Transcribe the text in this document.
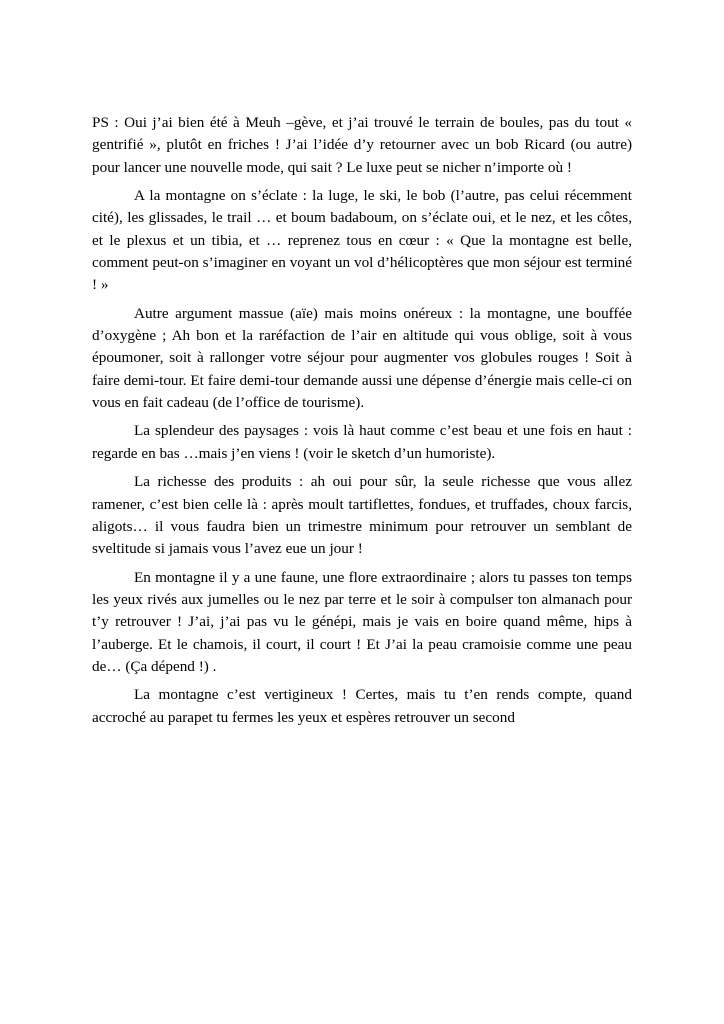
PS : Oui j’ai bien été à Meuh –gève, et j’ai trouvé le terrain de boules, pas du tout « gentrifié », plutôt en friches ! J’ai l’idée d’y retourner avec un bob Ricard (ou autre) pour lancer une nouvelle mode, qui sait ? Le luxe peut se nicher n’importe où !

A la montagne on s’éclate : la luge, le ski, le bob (l’autre, pas celui récemment cité), les glissades, le trail … et boum badaboum, on s’éclate oui, et le nez, et les côtes, et le plexus et un tibia, et … reprenez tous en cœur : « Que la montagne est belle, comment peut-on s’imaginer en voyant un vol d’hélicoptères que mon séjour est terminé ! »

Autre argument massue (aïe) mais moins onéreux : la montagne, une bouffée d’oxygène ; Ah bon et la raréfaction de l’air en altitude qui vous oblige, soit à vous époumoner, soit à rallonger votre séjour pour augmenter vos globules rouges ! Soit à faire demi-tour. Et faire demi-tour demande aussi une dépense d’énergie mais celle-ci on vous en fait cadeau (de l’office de tourisme).

La splendeur des paysages : vois là haut comme c’est beau et une fois en haut : regarde en bas …mais j’en viens ! (voir le sketch d’un humoriste).

La richesse des produits : ah oui pour sûr, la seule richesse que vous allez ramener, c’est bien celle là : après moult tartiflettes, fondues, et truffades, choux farcis, aligots… il vous faudra bien un trimestre minimum pour retrouver un semblant de sveltitude si jamais vous l’avez eue un jour !

En montagne il y a une faune, une flore extraordinaire ; alors tu passes ton temps les yeux rivés aux jumelles ou le nez par terre et le soir à compulser ton almanach pour t’y retrouver ! J’ai, j’ai pas vu le génépi, mais je vais en boire quand même, hips à l’auberge. Et le chamois, il court, il court ! Et J’ai la peau cramoisie comme une peau de… (Ça dépend !) .

La montagne c’est vertigineux ! Certes, mais tu t’en rends compte, quand accroché au parapet tu fermes les yeux et espères retrouver un second
